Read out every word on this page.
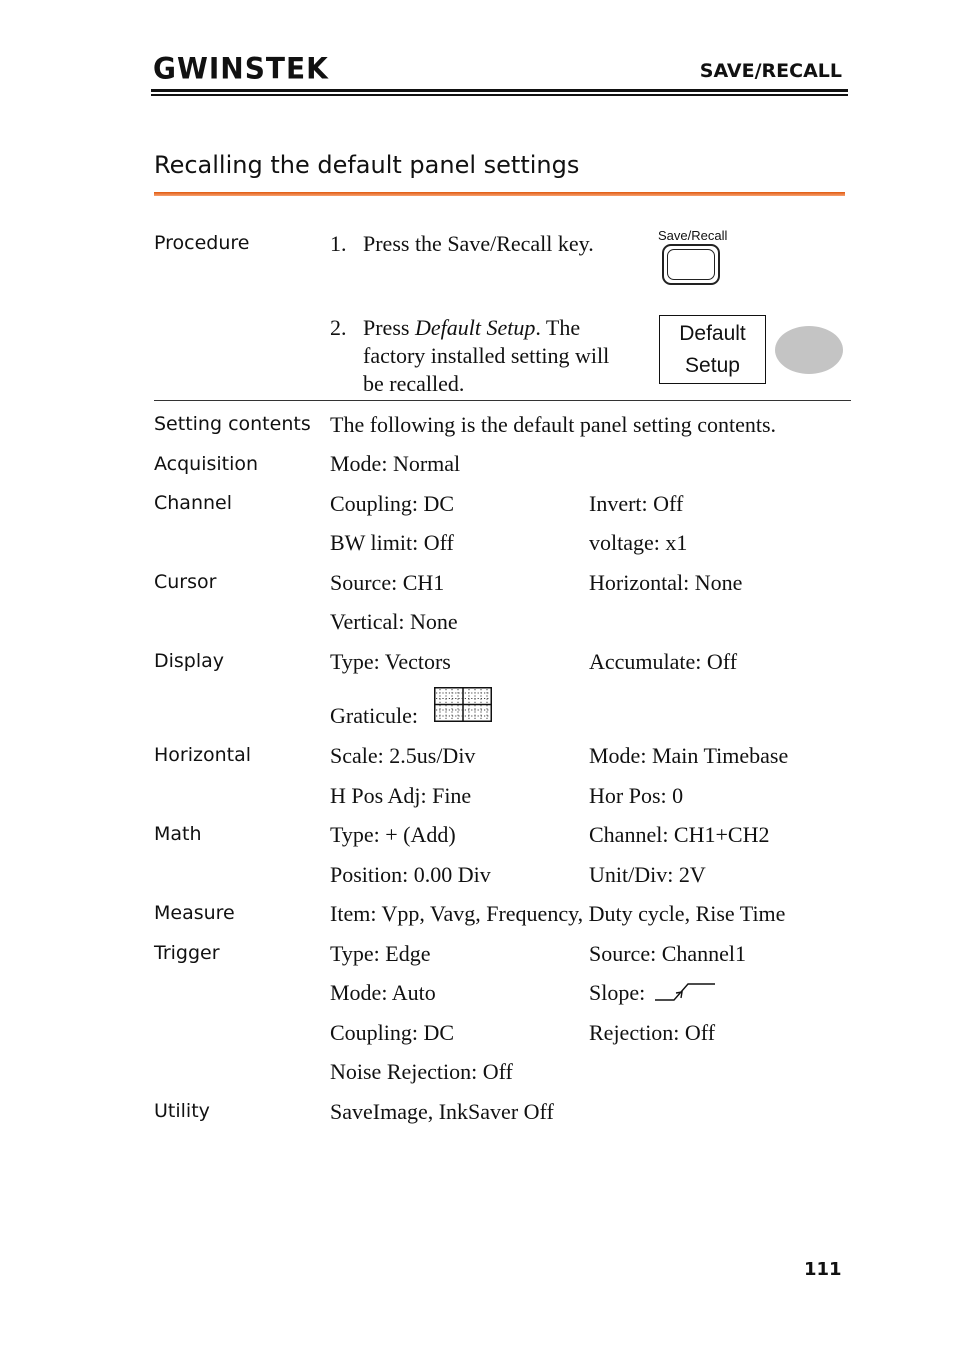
GWINSTEK	SAVE/RECALL
Recalling the default panel settings
Procedure	1. Press the Save/Recall key.	Save/Recall
2. Press Default Setup. The
factory installed setting will
be recalled.
Default
Setup
Setting contents The following is the default panel setting contents.
Acquisition	Mode: Normal
Channel	Coupling: DC	Invert: Off
BW limit: Off	voltage: x1
Cursor	Source: CH1	Horizontal: None
Vertical: None
Display	Type: Vectors	Accumulate: Off
Graticule:
Horizontal	Scale: 2.5us/Div	Mode: Main Timebase
H Pos Adj: Fine	Hor Pos: 0
Math	Type: + (Add)	Channel: CH1+CH2
Position: 0.00 Div	Unit/Div: 2V
Measure	Item: Vpp, Vavg, Frequency, Duty cycle, Rise Time
Trigger	Type: Edge	Source: Channel1
Mode: Auto	Slope:
Coupling: DC	Rejection: Off
Noise Rejection: Off
Utility	SaveImage, InkSaver Off
111
